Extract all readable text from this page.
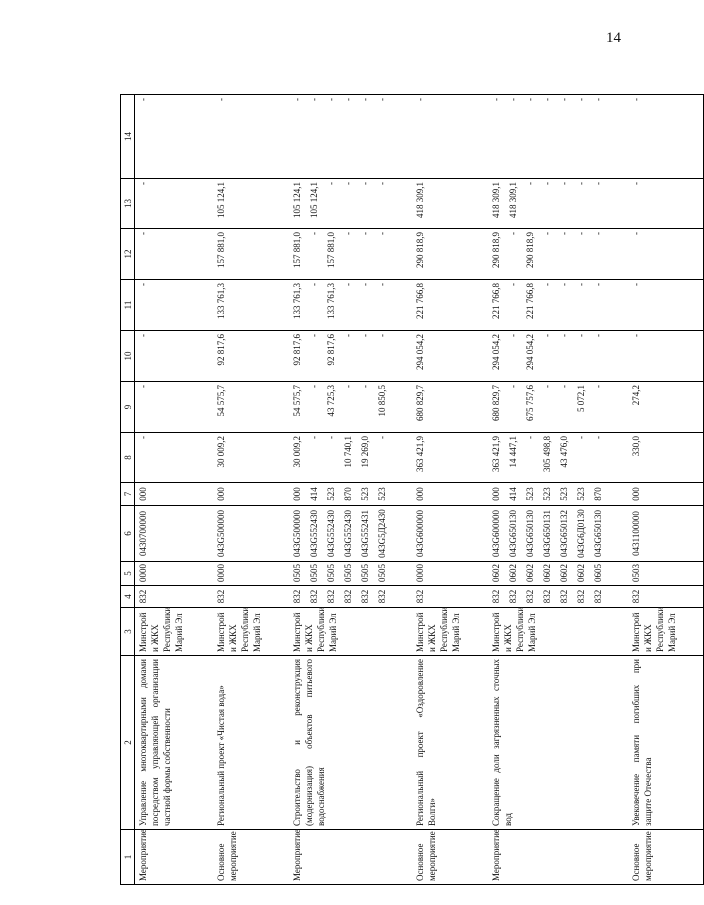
14
1	2	3	4	5	6	7	8	9	10	11	12	13	14
Мероприятие	Управление многоквартирными домами посредством управляющей организации частной формы собственности	Минстрой и ЖКХ Республики Марий Эл	832	0000	0430700000	000	-	-	-	-	-	-	-
Основное мероприятие	Региональный проект «Чистая вода»	Минстрой и ЖКХ Республики Марий Эл	832	0000	043G500000	000	30 009,2	54 575,7	92 817,6	133 761,3	157 881,0	105 124,1	-
Мероприятие	Строительство и реконструкция (модернизация) объектов питьевого водоснабжения	Минстрой и ЖКХ Республики Марий Эл	832	0505	043G500000	000	30 009,2	54 575,7	92 817,6	133 761,3	157 881,0	105 124,1	-
			832	0505	043G552430	414	-	-	-	-	-	105 124,1	-
			832	0505	043G552430	523	-	43 725,3	92 817,6	133 761,3	157 881,0	-	-
			832	0505	043G552430	870	10 740,1	-	-	-	-	-	-
			832	0505	043G552431	523	19 269,0	-	-	-	-	-	-
			832	0505	043G5Д2430	523	-	10 850,5	-	-	-	-	-
Основное мероприятие	Региональный проект «Оздоровление Волги»	Минстрой и ЖКХ Республики Марий Эл	832	0000	043G600000	000	363 421,9	680 829,7	294 054,2	221 766,8	290 818,9	418 309,1	-
Мероприятие	Сокращение доли загрязненных сточных вод	Минстрой и ЖКХ Республики Марий Эл	832	0602	043G600000	000	363 421,9	680 829,7	294 054,2	221 766,8	290 818,9	418 309,1	-
			832	0602	043G650130	414	14 447,1	-	-	-	-	418 309,1	-
			832	0602	043G650130	523	-	675 757,6	294 054,2	221 766,8	290 818,9	-	-
			832	0602	043G650131	523	305 498,8	-	-	-	-	-	-
			832	0602	043G650132	523	43 476,0	-	-	-	-	-	-
			832	0602	043G6Д0130	523	-	5 072,1	-	-	-	-	-
			832	0605	043G650130	870	-	-	-	-	-	-	-
Основное мероприятие	Увековечение памяти погибших при защите Отечества	Минстрой и ЖКХ Республики Марий Эл	832	0503	0431100000	000	330,0	274,2	-	-	-	-	-
